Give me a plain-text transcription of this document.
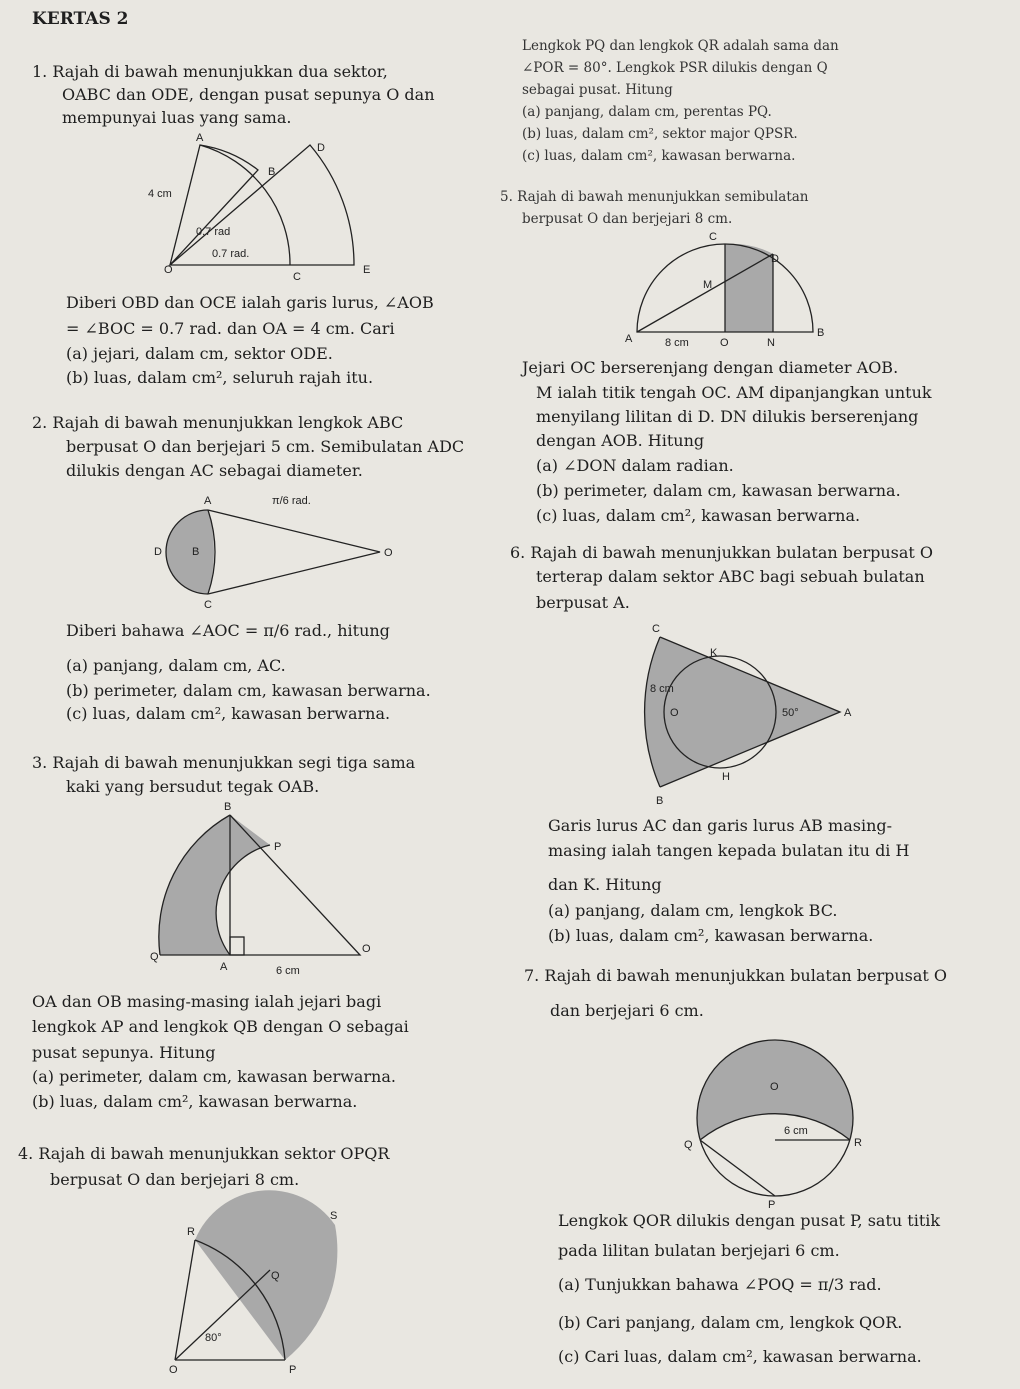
KERTAS 2
1. Rajah di bawah menunjukkan dua sektor,
OABC dan ODE, dengan pusat sepunya O dan
mempunyai luas yang sama.
A
B
C
D
E
O
4 cm
0.7 rad
0.7 rad.
Diberi OBD dan OCE ialah garis lurus, ∠AOB
= ∠BOC = 0.7 rad. dan OA = 4 cm. Cari
(a) jejari, dalam cm, sektor ODE.
(b) luas, dalam cm², seluruh rajah itu.
2. Rajah di bawah menunjukkan lengkok ABC
berpusat O dan berjejari 5 cm. Semibulatan ADC
dilukis dengan AC sebagai diameter.
A
B
C
D	O
π/6 rad.
Diberi bahawa ∠AOC = π/6 rad., hitung
(a) panjang, dalam cm, AC.
(b) perimeter, dalam cm, kawasan berwarna.
(c) luas, dalam cm², kawasan berwarna.
3. Rajah di bawah menunjukkan segi tiga sama
kaki yang bersudut tegak OAB.
B
P
Q
A
O
6 cm
OA dan OB masing-masing ialah jejari bagi
lengkok AP and lengkok QB dengan O sebagai
pusat sepunya. Hitung
(a) perimeter, dalam cm, kawasan berwarna.
(b) luas, dalam cm², kawasan berwarna.
4. Rajah di bawah menunjukkan sektor OPQR
berpusat O dan berjejari 8 cm.
R
S
Q
O	P
80°
Lengkok PQ dan lengkok QR adalah sama dan
∠POR = 80°. Lengkok PSR dilukis dengan Q
sebagai pusat. Hitung
(a) panjang, dalam cm, perentas PQ.
(b) luas, dalam cm², sektor major QPSR.
(c) luas, dalam cm², kawasan berwarna.
5. Rajah di bawah menunjukkan semibulatan
berpusat O dan berjejari 8 cm.
C
D
M
A	B
O	N
8 cm
Jejari OC berserenjang dengan diameter AOB.
M ialah titik tengah OC. AM dipanjangkan untuk
menyilang lilitan di D. DN dilukis berserenjang
dengan AOB. Hitung
(a) ∠DON dalam radian.
(b) perimeter, dalam cm, kawasan berwarna.
(c) luas, dalam cm², kawasan berwarna.
6. Rajah di bawah menunjukkan bulatan berpusat O
terterap dalam sektor ABC bagi sebuah bulatan
berpusat A.
C
K
O	A
H
B
8 cm
50°
Garis lurus AC dan garis lurus AB masing-
masing ialah tangen kepada bulatan itu di H
dan K. Hitung
(a) panjang, dalam cm, lengkok BC.
(b) luas, dalam cm², kawasan berwarna.
7. Rajah di bawah menunjukkan bulatan berpusat O
dan berjejari 6 cm.
O
Q	R
P
6 cm
Lengkok QOR dilukis dengan pusat P, satu titik
pada lilitan bulatan berjejari 6 cm.
(a) Tunjukkan bahawa ∠POQ = π/3 rad.
(b) Cari panjang, dalam cm, lengkok QOR.
(c) Cari luas, dalam cm², kawasan berwarna.
